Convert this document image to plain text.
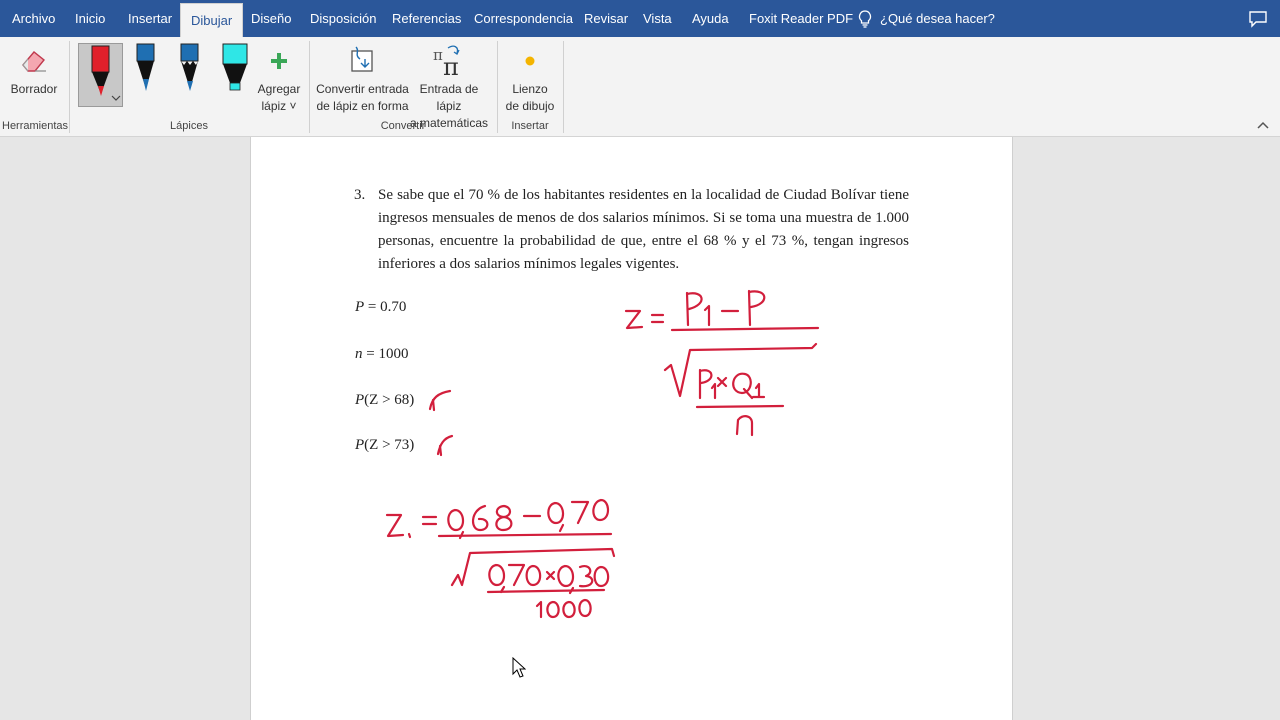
Archivo	Inicio	Insertar	Dibujar	Diseño	Disposición	Referencias Correspondencia Revisar	Vista	Ayuda	Foxit Reader PDF	¿Qué desea hacer?
Borrador
Herramientas
Agregar
lápiz ˅
Lápices
Convertir entrada
de lápiz en forma
π π
Entrada de lápiz
a matemáticas
Convertir
Lienzo
de dibujo
Insertar
3. Se sabe que el 70 % de los habitantes residentes en la localidad de Ciudad Bolívar tiene ingresos mensuales de menos de dos salarios mínimos. Si se toma una muestra de 1.000 personas, encuentre la probabilidad de que, entre el 68 % y el 73 %, tengan ingresos inferiores a dos salarios mínimos legales vigentes.

P = 0.70
n = 1000
P(Z > 68)
P(Z > 73)
